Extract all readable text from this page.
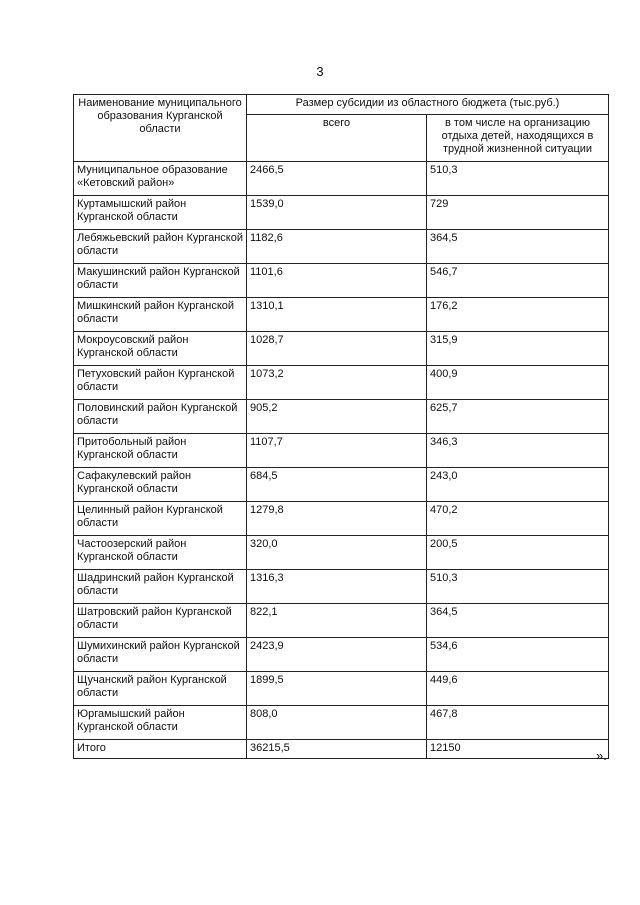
3
Наименование муниципального образования Курганской области	Размер субсидии из областного бюджета (тыс.руб.)	
	всего	в том числе на организацию отдыха детей, находящихся в трудной жизненной ситуации
Муниципальное образование «Кетовский район»	2466,5	510,3
Куртамышский район Курганской области	1539,0	729
Лебяжьевский район Курганской области	1182,6	364,5
Макушинский район Курганской области	1101,6	546,7
Мишкинский район Курганской области	1310,1	176,2
Мокроусовский район Курганской области	1028,7	315,9
Петуховский район Курганской области	1073,2	400,9
Половинский район Курганской области	905,2	625,7
Притобольный район Курганской области	1107,7	346,3
Сафакулевский район Курганской области	684,5	243,0
Целинный район Курганской области	1279,8	470,2
Частоозерский район Курганской области	320,0	200,5
Шадринский район Курганской области	1316,3	510,3
Шатровский район Курганской области	822,1	364,5
Шумихинский район Курганской области	2423,9	534,6
Щучанский район Курганской области	1899,5	449,6
Юргамышский район Курганской области	808,0	467,8
Итого	36215,5	12150	».
